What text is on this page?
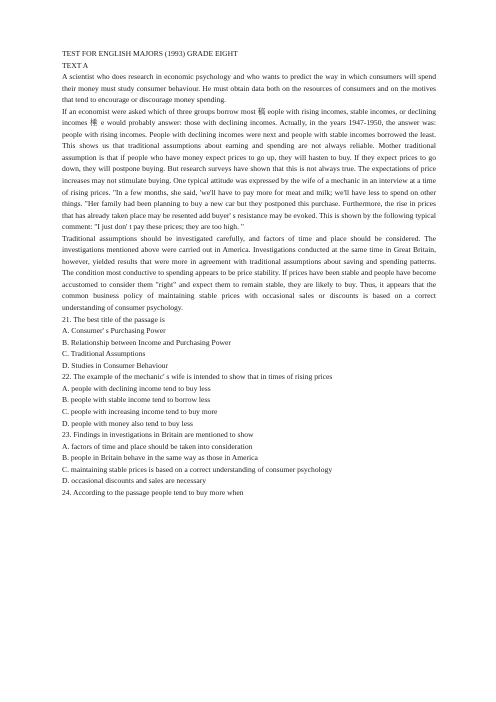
TEST FOR ENGLISH MAJORS (1993) GRADE EIGHT
TEXT A

A scientist who does research in economic psychology and who wants to predict the way in which consumers will spend their money must study consumer behaviour. He must obtain data both on the resources of consumers and on the motives that tend to encourage or discourage money spending.

If an economist were asked which of three groups borrow most 稿 eople with rising incomes, stable incomes, or declining incomes 棰 e would probably answer: those with declining incomes. Actually, in the years 1947-1950, the answer was: people with rising incomes. People with declining incomes were next and people with stable incomes borrowed the least. This shows us that traditional assumptions about earning and spending are not always reliable. Mother traditional assumption is that if people who have money expect prices to go up, they will hasten to buy. If they expect prices to go down, they will postpone buying. But research surveys have shown that this is not always true. The expectations of price increases may not stimulate buying. One typical attitude was expressed by the wife of a mechanic in an interview at a time of rising prices. "In a few months, she said, 'we'll have to pay more for meat and milk; we'll have less to spend on other things. "Her family had been planning to buy a new car but they postponed this purchase. Furthermore, the rise in prices that has already taken place may be resented add buyer' s resistance may be evoked. This is shown by the following typical comment: "I just don' t pay these prices; they are too high. "

Traditional assumptions should be investigated carefully, and factors of time and place should be considered. The investigations mentioned above were carried out in America. Investigations conducted at the same time in Great Britain, however, yielded results that were more in agreement with traditional assumptions about saving and spending patterns. The condition most conductive to spending appears to be price stability. If prices have been stable and people have become accustomed to consider them "right" and expect them to remain stable, they are likely to buy. Thus, it appears that the common business policy of maintaining stable prices with occasional sales or discounts is based on a correct understanding of consumer psychology.

21. The best title of the passage is
A. Consumer' s Purchasing Power
B. Relationship between Income and Purchasing Power
C. Traditional Assumptions
D. Studies in Consumer Behaviour
22. The example of the mechanic' s wife is intended to show that in times of rising prices
A. people with declining income tend to buy less
B. people with stable income tend to borrow less
C. people with increasing income tend to buy more
D. people with money also tend to buy less
23. Findings in investigations in Britain are mentioned to show
A. factors of time and place should be taken into consideration
B. people in Britain behave in the same way as those in America
C. maintaining stable prices is based on a correct understanding of consumer psychology
D. occasional discounts and sales are necessary
24. According to the passage people tend to buy more when
